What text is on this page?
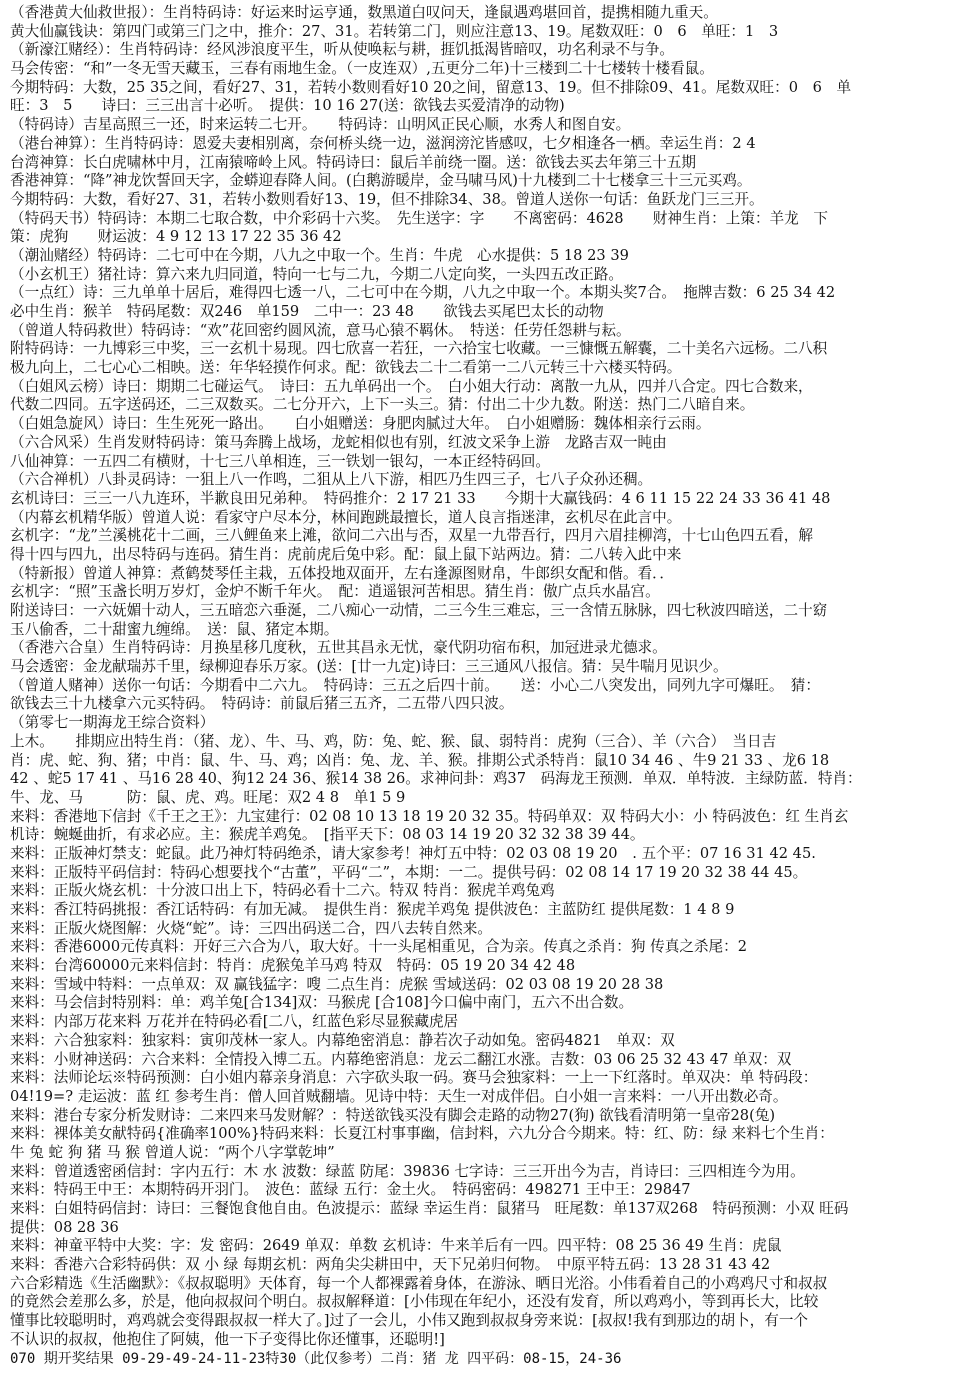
（香港黄大仙救世报）：生肖特码诗：好运来时运亨通，数黑道白叹问天，逢鼠遇鸡堪回首，提携相随九重天。
黄大仙赢钱诀：第四门或第三门之中，推介：27、31。若转第二门，则应注意13、19。尾数双旺：0　6　单旺：1　3
（新濠江赌经）：生肖特码诗：经风涉浪度平生，听从使唤耘与耕，捱饥抵渴皆暗叹，功名利录不与争。
马会传密：“和”一冬无雪天藏玉，三春有雨地生金。（一皮连双）,五更分二年)十三楼到二十七楼转十楼看鼠。
今期特码：大数，25 35之间，看好27、31，若转小数则看好10 20之间，留意13、19。但不排除09、41。尾数双旺：0　6　单
旺：3　5　　诗曰：三三出言十必听。　提供：10 16 27(送：欲钱去买爱清净的动物)
（特码诗）吉星高照三一还，时来运转二七开。　　特码诗：山明风正民心顺，水秀人和图自安。
（港台神算）：生肖特码诗：恩爱夫妻相别离，奈何桥头绕一边，滋润滂沱皆感叹，七夕相逢各一栖。幸运生肖：2 4
台湾神算：长白虎啸林中月，江南猿啼岭上风。特码诗曰：鼠后羊前绕一圈。送：欲钱去买去年第三十五期
香港神算：“降”神龙饮誓回天字，金蟒迎春降人间。(白鹅游暖岸，金马啸马风)十九楼到二十七楼拿三十三元买鸡。
今期特码：大数，看好27、31，若转小数则看好13、19，但不排除34、38。曾道人送你一句话：鱼跃龙门三三开。
（特码天书）特码诗：本期二七取合数，中介彩码十六奖。　先生送字：字　　不离密码：4628　　财神生肖：上策：羊龙　下
策：虎狗　　财运波：4 9 12 13 17 22 35 36 42
（潮汕赌经）特码诗：二七可中在今期，八九之中取一个。生肖：牛虎　心水提供：5 18 23 39
（小玄机王）猪社诗：算六来九归同道，特向一七与二九，今期二八定向奖，一头四五改正路。
（一点红）诗：三九单单十居后，难得四七透一八，二七可中在今期，八九之中取一个。本期头奖7合。　拖牌吉数：6 25 34 42
必中生肖：猴羊　特码尾数：双246　单159　二中一：23 48　　欲钱去买尾巴太长的动物
（曾道人特码救世）特码诗：“欢”花回密约圆风流，意马心猿不羁休。　特送：任劳任怨耕与耘。
附特码诗：一九博彩三中奖，三一玄机十易现。四七欣喜一若狂，一六拾宝七收藏。一三慷慨五解囊，二十美名六远杨。二八积
极九向上，二七心心二相映。送：年华轻摸作何求。配：欲钱去二十二看第一二八元转三十六楼买特码。
（白姐风云榜）诗曰：期期二七碰运气。　诗曰：五九单码出一个。　白小姐大行动：离散一九从，四并八合定。四七合数来，
代数二四同。五字送码还，二三双数买。二七分开六，上下一头三。猜：付出二十少九数。附送：热门二八暗自来。
（白姐急旋风）诗曰：生生死死一路出。　　白小姐赠送：身肥肉腻过大年。　白小姐赠肠：魏体相亲行云雨。
（六合风采）生肖发财特码诗：策马奔腾上战场，龙蛇相似也有别，红波文采争上游　龙路吉双一盹由
八仙神算：一五四二有横财，十七三八单相连，三一铁划一银勾，一本正经特码回。
（六合禅机）八卦灵码诗：一狙上八一作鸣，二狙从上八下游，相匹乃生四三子，七八子众孙还稠。
玄机诗曰：三三一八九连环，半歉良田兄弟种。　特码推介：2 17 21 33　　今期十大赢钱码：4 6 11 15 22 24 33 36 41 48
（内幕玄机精华版）曾道人说：看家守户尽本分，林间跑跳最擅长，道人良言指迷津，玄机尽在此言中。
玄机字：“龙”兰溪桃花十二画，三八鲤鱼来上滩，欲问二六出与否，双星一九带吾行，四月六眉挂柳湾，十七山色四五看，解
得十四与四九，出尽特码与连码。猜生肖：虎前虎后兔中彩。配：鼠上鼠下站两边。猜：二八转入此中来
（特新报）曾道人神算：煮鹤焚琴任主栽，五体投地双面开，左右逢源图财帛，牛郎织女配和偕。看．．
玄机字：“照”玉盏长明万岁灯，金炉不断千年火。　配：逍遥银河苦相思。猜生肖：傲广点兵水晶宫。
附送诗曰：一六妩媚十动人，三五暗恋六垂涎，二八痴心一动情，二三今生三难忘，三一含情五脉脉，四七秋波四暗送，二十窈
玉八偷香，二十甜蜜九缠绵。　送：鼠、猪定本期。
（香港六合皇）生肖特码诗：月换星移几度秋，五世其昌永无忧，豪代阴功宿布积，加冠进录尤德求。
马会透密：金龙献瑞苏千里，绿柳迎春乐万家。(送：[廿一九定)诗曰：三三通风八报信。猜：吴牛喘月见识少。
（曾道人赌神）送你一句话：今期看中二六九。　特码诗：三五之后四十前。　　送：小心二八突发出，同列九字可爆旺。　猜：
欲钱去三十九楼拿六元买特码。　特码诗：前鼠后猪三五齐，二五带八四只波。
（第零七一期海龙王综合资料）
上木。　　排期应出特生肖：（猪、龙）、牛、马、鸡，防：兔、蛇、猴、鼠、弱特肖：虎狗（三合）、羊（六合）　当日吉
肖：虎、蛇、狗、猪；中肖：鼠、牛、马、鸡；凶肖：兔、龙、羊、猴。排期公式杀特肖：鼠10 34 46 、牛9 21 33 、龙6 18
42 、蛇5 17 41 、马16 28 40、狗12 24 36、猴14 38 26。求神问卦：鸡37　码海龙王预测．单双．单特波．主绿防蓝．特肖：
牛、龙、马　　　防：鼠、虎、鸡。旺尾：双2 4 8　单1 5 9
来料：香港地下信封《千王之王》：九宝建行：02 08 10 13 18 19 20 32 35。特码单双：双 特码大小：小 特码波色：红 生肖玄
机诗：蜿蜒曲折，有求必应。主：猴虎羊鸡兔。　[指平天下：08 03 14 19 20 32 32 38 39 44。
来料：正版神灯禁支：蛇鼠。此乃神灯特码绝杀，请大家参考！神灯五中特：02 03 08 19 20　. 五个平：07 16 31 42 45.
来料：正版特平码信封：特码心想要找个“古董”，平码“二”，本期：一二。提供号码：02 08 14 17 19 20 32 38 44 45。
来料：正版火烧玄机：十分波口出上下，特码必看十二六。特双 特肖：猴虎羊鸡兔鸡
来料：香江特码挑报：香江话特码：有加无减。　提供生肖：猴虎羊鸡兔 提供波色：主蓝防红 提供尾数：1 4 8 9
来料：正版火烧图解：火烧“蛇”。诗：三四出码送二合，四八去转自然来。
来料：香港6000元传真料：开好三六合为八，取大好。十一头尾相重见，合为亲。传真之杀肖：狗 传真之杀尾：2
来料：台湾60000元来料信封：特肖：虎猴兔羊马鸡 特双　特码：05 19 20 34 42 48
来料：雪域中特料：一点单双：双 赢钱猛字：嗖 二点生肖：虎猴 雪域送码：02 03 08 19 20 28 38
来料：马会信封特别料：单：鸡羊兔[合134]双：马猴虎 [合108]今口偏中南门，五六不出合数。
来料：内部万花来料 万花并在特码必看[二八，红蓝色彩尽显猴藏虎居
来料：六合独家料：独家料：寅卯茂林一家人。内幕绝密消息：静若次子动如兔。密码4821　单双：双
来料：小财神送码：六合来料：全情投入博二五。内幕绝密消息：龙云二翻江水涨。吉数：03 06 25 32 43 47 单双：双
来料：法师论坛※特码预测：白小姐内幕亲身消息：六字砍头取一码。赛马会独家料：一上一下红落时。单双决：单 特码段：
04!19=? 走运波：蓝 红 参考生肖：僧人回首贼翻墙。见诗中特：天生一对成伴侣。白小姐一言来料：一八开出数必奇。
来料：港台专家分析发财诗：二来四来马发财解？：特送欲钱买没有脚会走路的动物27(狗) 欲钱看清明第一皇帝28(兔)
来料：裸体美女献特码{准确率100%}特码来料：长夏江村事事幽，信封料，六九分合今期来。特：红、防：绿 来料七个生肖：
牛 兔 蛇 狗 猪 马 猴 曾道人说：“两个八字掌乾坤”
来料：曾道透密函信封：字内五行：木 水 波数：绿蓝 防尾：39836 七字诗：三三开出今为吉，肖诗曰：三四相连今为用。
来料：特码王中王：本期特码开羽门。　波色：蓝绿 五行：金土火。　特码密码：498271 王中王：29847
来料：白姐特码信封：诗曰：三餐饱食他自由。色波提示：蓝绿 幸运生肖：鼠猪马　旺尾数：单137双268　特码预测：小双 旺码
提供：08 28 36
来料：神童平特中大奖：字：发 密码：2649 单双：单数 玄机诗：牛来羊后有一四。四平特：08 25 36 49 生肖：虎鼠
来料：香港六合彩特码供：双 小 绿 每期玄机：两角尖尖耕田中，天下兄弟归何物。　中原平特五码：13 28 31 43 42
六合彩精选《生活幽默》：《叔叔聪明》天体育，每一个人都裸露着身体，在游泳、晒日光浴。小伟看着自己的小鸡鸡尺寸和叔叔
的竟然会差那么多，於是，他向叔叔问个明白。叔叔解释道：[小伟现在年纪小，还没有发育，所以鸡鸡小，等到再长大，比较
懂事比较聪明时，鸡鸡就会变得跟叔叔一样大了。]过了一会儿，小伟又跑到叔叔身旁来说：[叔叔!我有到那边的胡卜，有一个
不认识的叔叔，他抱住了阿姨，他一下子变得比你还懂事，还聪明!]
070 期开奖结果 09-29-49-24-11-23特30（此仅参考）二肖：猪 龙 四平码：08-15，24-36
